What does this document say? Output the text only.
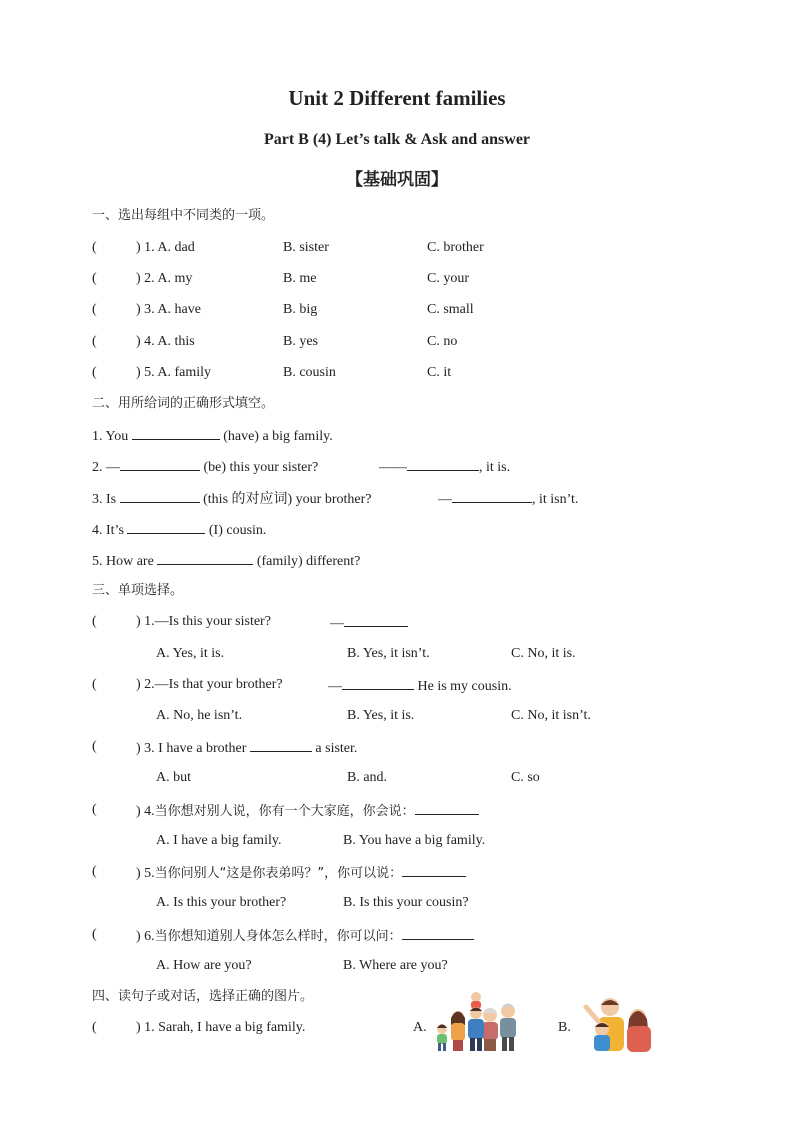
Unit 2 Different families
Part B (4) Let’s talk & Ask and answer
【基础巩固】
一、选出每组中不同类的一项。
(	) 1. A. dad	B. sister	C. brother
(	) 2. A. my	B. me	C. your
(	) 3. A. have	B. big	C. small
(	) 4. A. this	B. yes	C. no
(	) 5. A. family	B. cousin	C. it
二、用所给词的正确形式填空。
1. You	(have) a big family.
2. —	(be) this your sister?	——	, it is.
3. Is	(this 的对应词) your brother?	—	, it isn’t.
4. It’s	(I) cousin.
5. How are	(family) different?
三、单项选择。
(	) 1.—Is this your sister?	—
A. Yes, it is.	B. Yes, it isn’t.	C. No, it is.
(	) 2.—Is that your brother?	—	He is my cousin.
A. No, he isn’t.	B. Yes, it is.	C. No, it isn’t.
(	) 3. I have a brother	a sister.
A. but	B. and.	C. so
(	) 4.当你想对别人说，你有一个大家庭，你会说：
A. I have a big family.	B. You have a big family.
(	) 5.当你问别人“这是你表弟吗？”，你可以说：
A. Is this your brother?	B. Is this your cousin?
(	) 6.当你想知道别人身体怎么样时，你可以问：
A. How are you?	B. Where are you?
四、读句子或对话，选择正确的图片。
(	) 1. Sarah, I have a big family.	A.	B.
